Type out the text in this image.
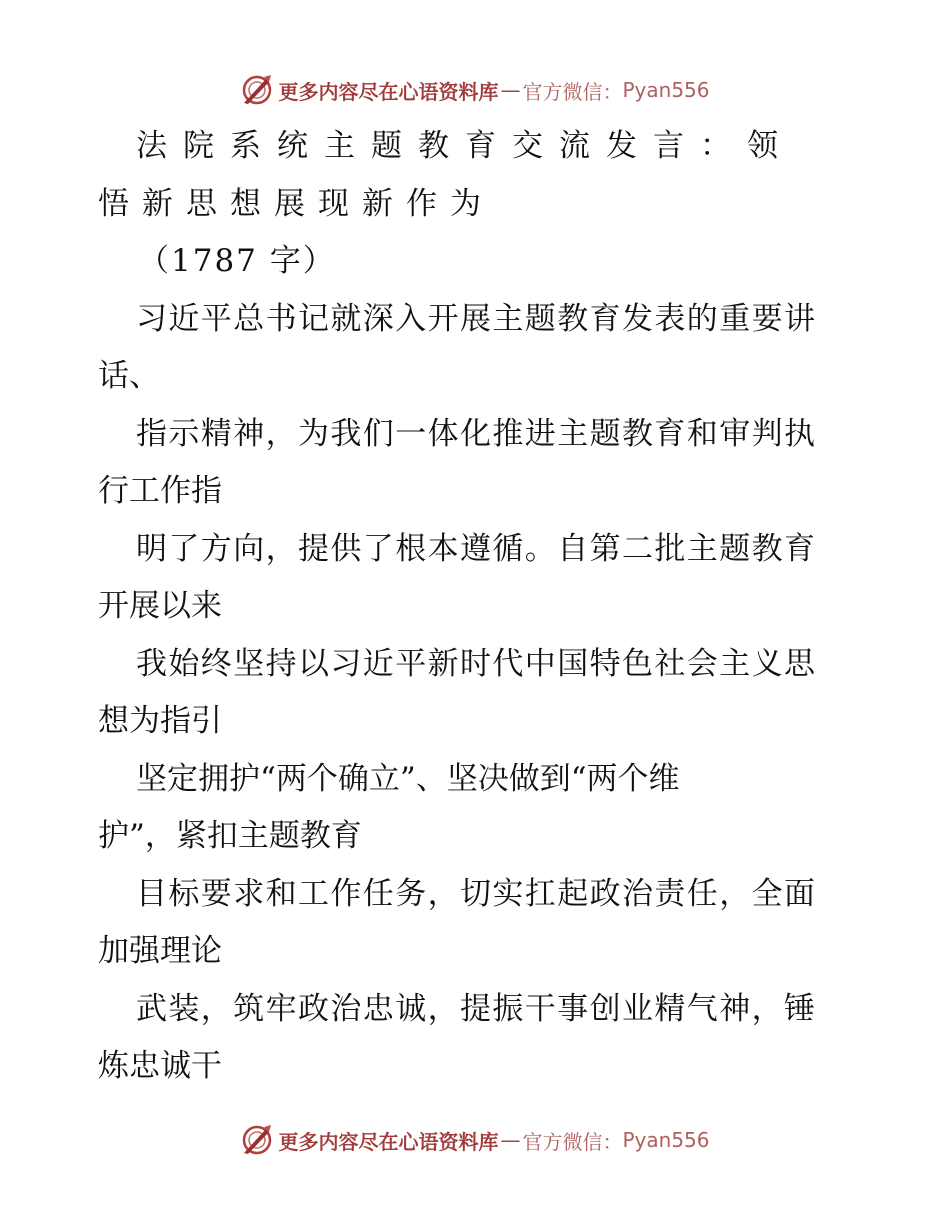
更多内容尽在心语资料库 — 官方微信： Pyan556
法院系统主题教育交流发言：领
悟新思想展现新作为
（1787 字）
习近平总书记就深入开展主题教育发表的重要讲
话、
指示精神，为我们一体化推进主题教育和审判执
行工作指
明了方向，提供了根本遵循。自第二批主题教育
开展以来
我始终坚持以习近平新时代中国特色社会主义思
想为指引
坚定拥护“两个确立”、坚决做到“两个维
护”，紧扣主题教育
目标要求和工作任务，切实扛起政治责任，全面
加强理论
武装，筑牢政治忠诚，提振干事创业精气神，锤
炼忠诚干
更多内容尽在心语资料库 — 官方微信： Pyan556
